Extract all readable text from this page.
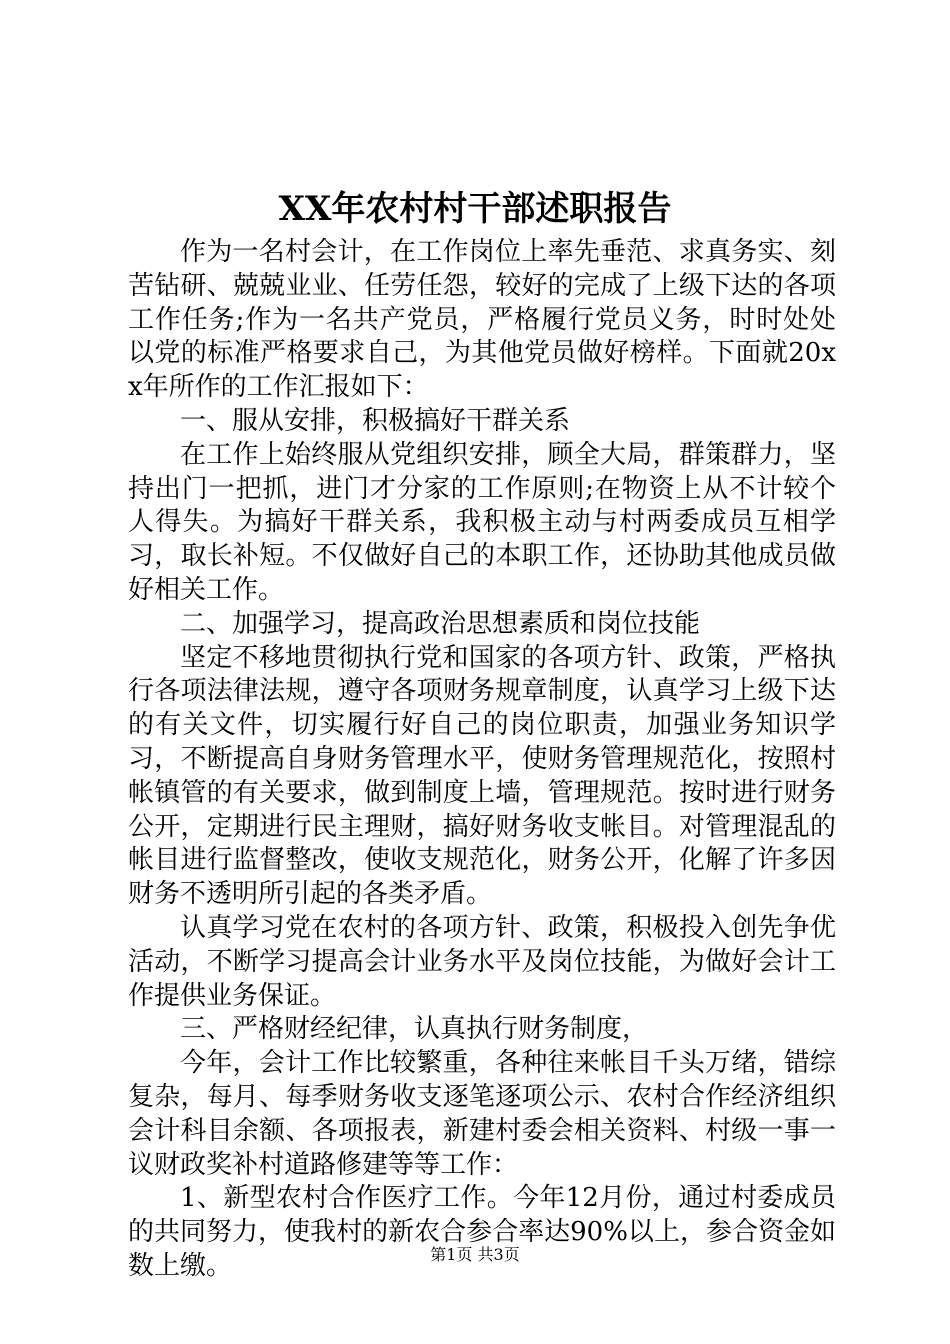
XX年农村村干部述职报告

作为一名村会计，在工作岗位上率先垂范、求真务实、刻苦钻研、兢兢业业、任劳任怨，较好的完成了上级下达的各项工作任务;作为一名共产党员，严格履行党员义务，时时处处以党的标准严格要求自己，为其他党员做好榜样。下面就20xx年所作的工作汇报如下：

一、服从安排，积极搞好干群关系

在工作上始终服从党组织安排，顾全大局，群策群力，坚持出门一把抓，进门才分家的工作原则;在物资上从不计较个人得失。为搞好干群关系，我积极主动与村两委成员互相学习，取长补短。不仅做好自己的本职工作，还协助其他成员做好相关工作。

二、加强学习，提高政治思想素质和岗位技能

坚定不移地贯彻执行党和国家的各项方针、政策，严格执行各项法律法规，遵守各项财务规章制度，认真学习上级下达的有关文件，切实履行好自己的岗位职责，加强业务知识学习，不断提高自身财务管理水平，使财务管理规范化，按照村帐镇管的有关要求，做到制度上墙，管理规范。按时进行财务公开，定期进行民主理财，搞好财务收支帐目。对管理混乱的帐目进行监督整改，使收支规范化，财务公开，化解了许多因财务不透明所引起的各类矛盾。

认真学习党在农村的各项方针、政策，积极投入创先争优活动，不断学习提高会计业务水平及岗位技能，为做好会计工作提供业务保证。

三、严格财经纪律，认真执行财务制度，

今年，会计工作比较繁重，各种往来帐目千头万绪，错综复杂，每月、每季财务收支逐笔逐项公示、农村合作经济组织会计科目余额、各项报表，新建村委会相关资料、村级一事一议财政奖补村道路修建等等工作：

1、新型农村合作医疗工作。今年12月份，通过村委成员的共同努力，使我村的新农合参合率达90%以上，参合资金如数上缴。	第1页 共3页
